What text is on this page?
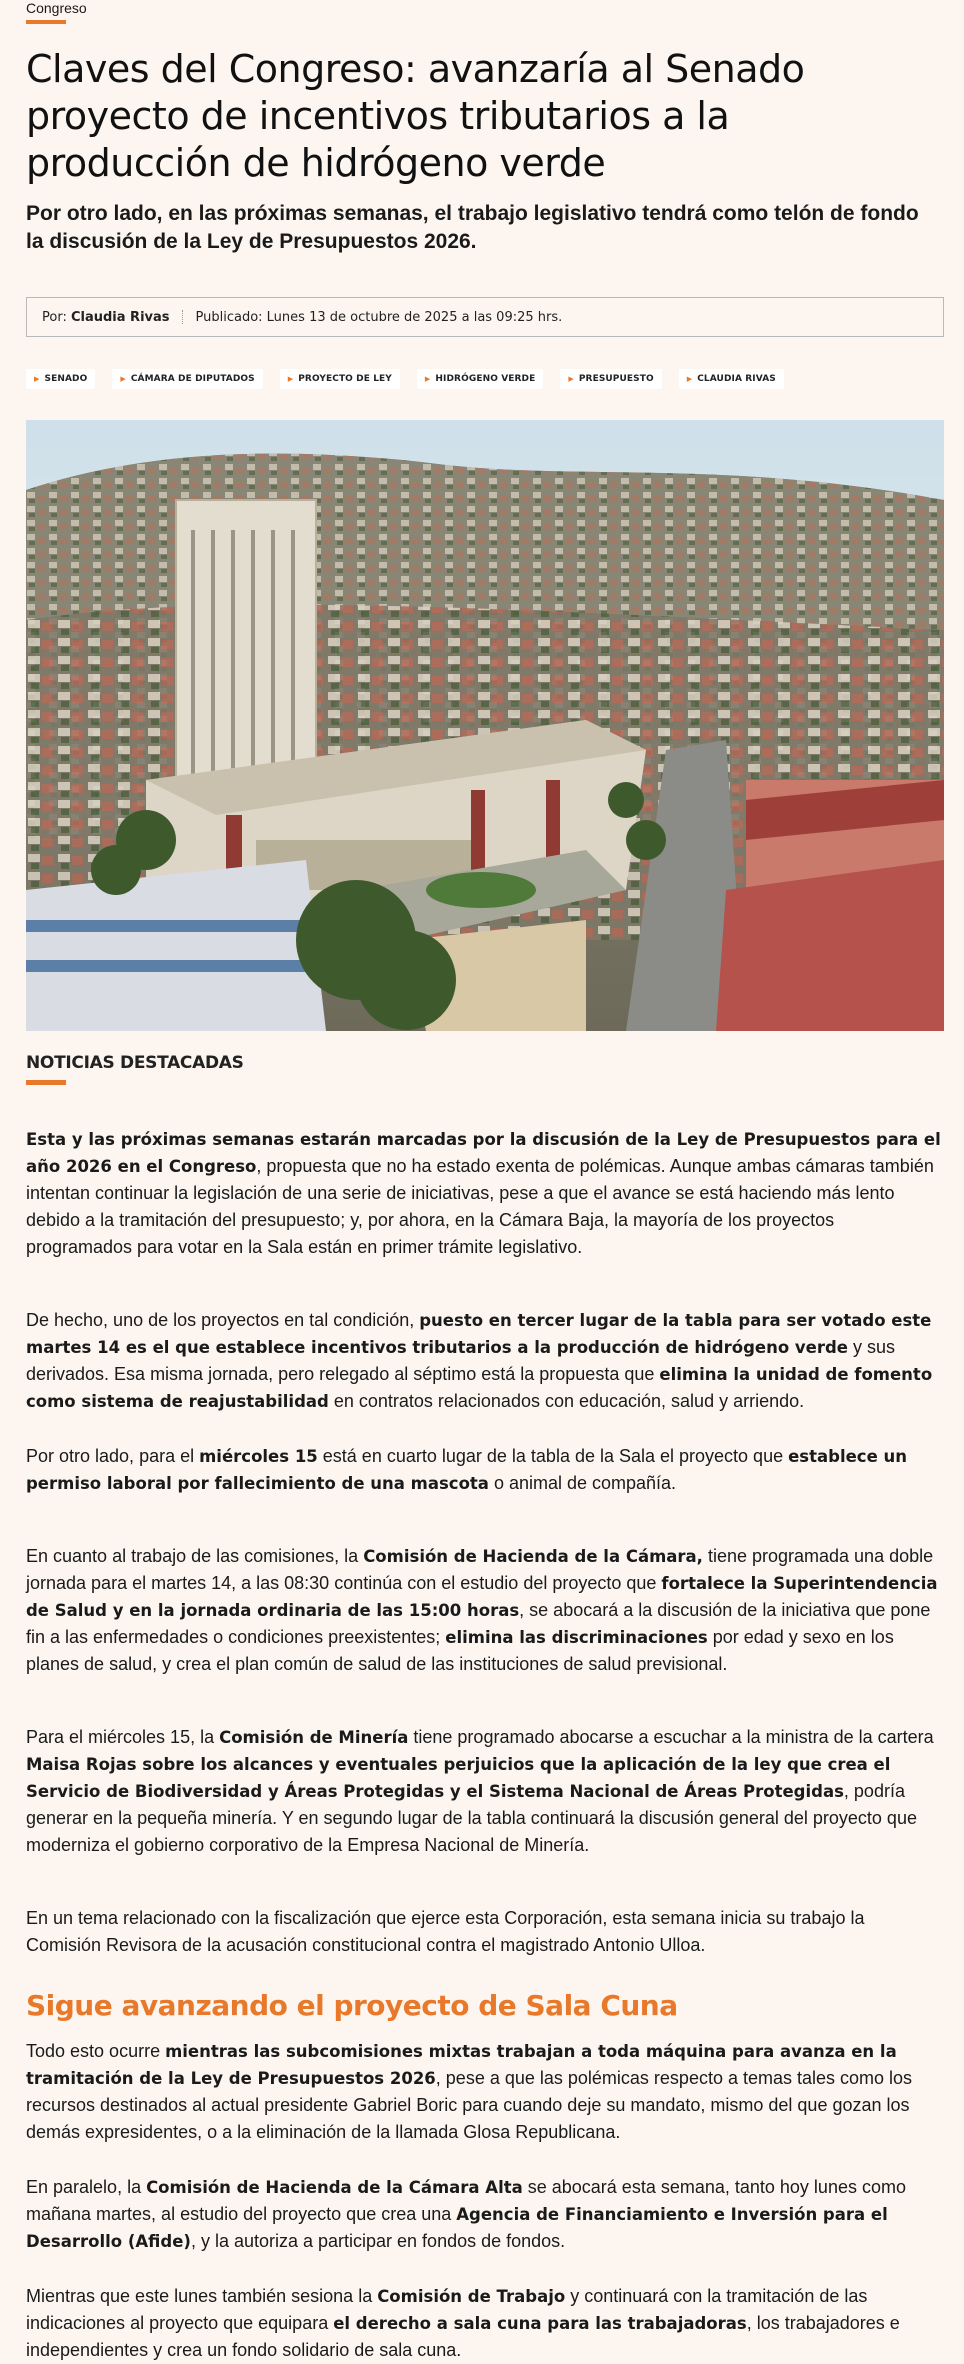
Congreso
Claves del Congreso: avanzaría al Senado proyecto de incentivos tributarios a la producción de hidrógeno verde

Por otro lado, en las próximas semanas, el trabajo legislativo tendrá como telón de fondo la discusión de la Ley de Presupuestos 2026.

Por:
Claudia Rivas Publicado: Lunes 13 de octubre de 2025 a las 09:25 hrs.
▶ SENADO	▶ CÁMARA DE DIPUTADOS	▶ PROYECTO DE LEY	▶ HIDRÓGENO VERDE	▶ PRESUPUESTO	▶ CLAUDIA RIVAS
NOTICIAS DESTACADAS

Esta y las próximas semanas estarán marcadas por la discusión de la Ley de Presupuestos para el año 2026 en el Congreso, propuesta que no ha estado exenta de polémicas. Aunque ambas cámaras también intentan continuar la legislación de una serie de iniciativas, pese a que el avance se está haciendo más lento debido a la tramitación del presupuesto; y, por ahora, en la Cámara Baja, la mayoría de los proyectos programados para votar en la Sala están en primer trámite legislativo.

De hecho, uno de los proyectos en tal condición, puesto en tercer lugar de la tabla para ser votado este martes 14 es el que establece incentivos tributarios a la producción de hidrógeno verde y sus derivados. Esa misma jornada, pero relegado al séptimo está la propuesta que elimina la unidad de fomento como sistema de reajustabilidad en contratos relacionados con educación, salud y arriendo.

Por otro lado, para el miércoles 15 está en cuarto lugar de la tabla de la Sala el proyecto que establece un permiso laboral por fallecimiento de una mascota o animal de compañía.

En cuanto al trabajo de las comisiones, la Comisión de Hacienda de la Cámara, tiene programada una doble jornada para el martes 14, a las 08:30 continúa con el estudio del proyecto que fortalece la Superintendencia de Salud y en la jornada ordinaria de las 15:00 horas, se abocará a la discusión de la iniciativa que pone fin a las enfermedades o condiciones preexistentes; elimina las discriminaciones por edad y sexo en los planes de salud, y crea el plan común de salud de las instituciones de salud previsional.

Para el miércoles 15, la Comisión de Minería tiene programado abocarse a escuchar a la ministra de la cartera Maisa Rojas sobre los alcances y eventuales perjuicios que la aplicación de la ley que crea el Servicio de Biodiversidad y Áreas Protegidas y el Sistema Nacional de Áreas Protegidas, podría generar en la pequeña minería. Y en segundo lugar de la tabla continuará la discusión general del proyecto que moderniza el gobierno corporativo de la Empresa Nacional de Minería.

En un tema relacionado con la fiscalización que ejerce esta Corporación, esta semana inicia su trabajo la Comisión Revisora de la acusación constitucional contra el magistrado Antonio Ulloa.

Sigue avanzando el proyecto de Sala Cuna

Todo esto ocurre mientras las subcomisiones mixtas trabajan a toda máquina para avanza en la tramitación de la Ley de Presupuestos 2026, pese a que las polémicas respecto a temas tales como los recursos destinados al actual presidente Gabriel Boric para cuando deje su mandato, mismo del que gozan los demás expresidentes, o a la eliminación de la llamada Glosa Republicana.

En paralelo, la Comisión de Hacienda de la Cámara Alta se abocará esta semana, tanto hoy lunes como mañana martes, al estudio del proyecto que crea una Agencia de Financiamiento e Inversión para el Desarrollo (Afide), y la autoriza a participar en fondos de fondos.

Mientras que este lunes también sesiona la Comisión de Trabajo y continuará con la tramitación de las indicaciones al proyecto que equipara el derecho a sala cuna para las trabajadoras, los trabajadores e independientes y crea un fondo solidario de sala cuna.
